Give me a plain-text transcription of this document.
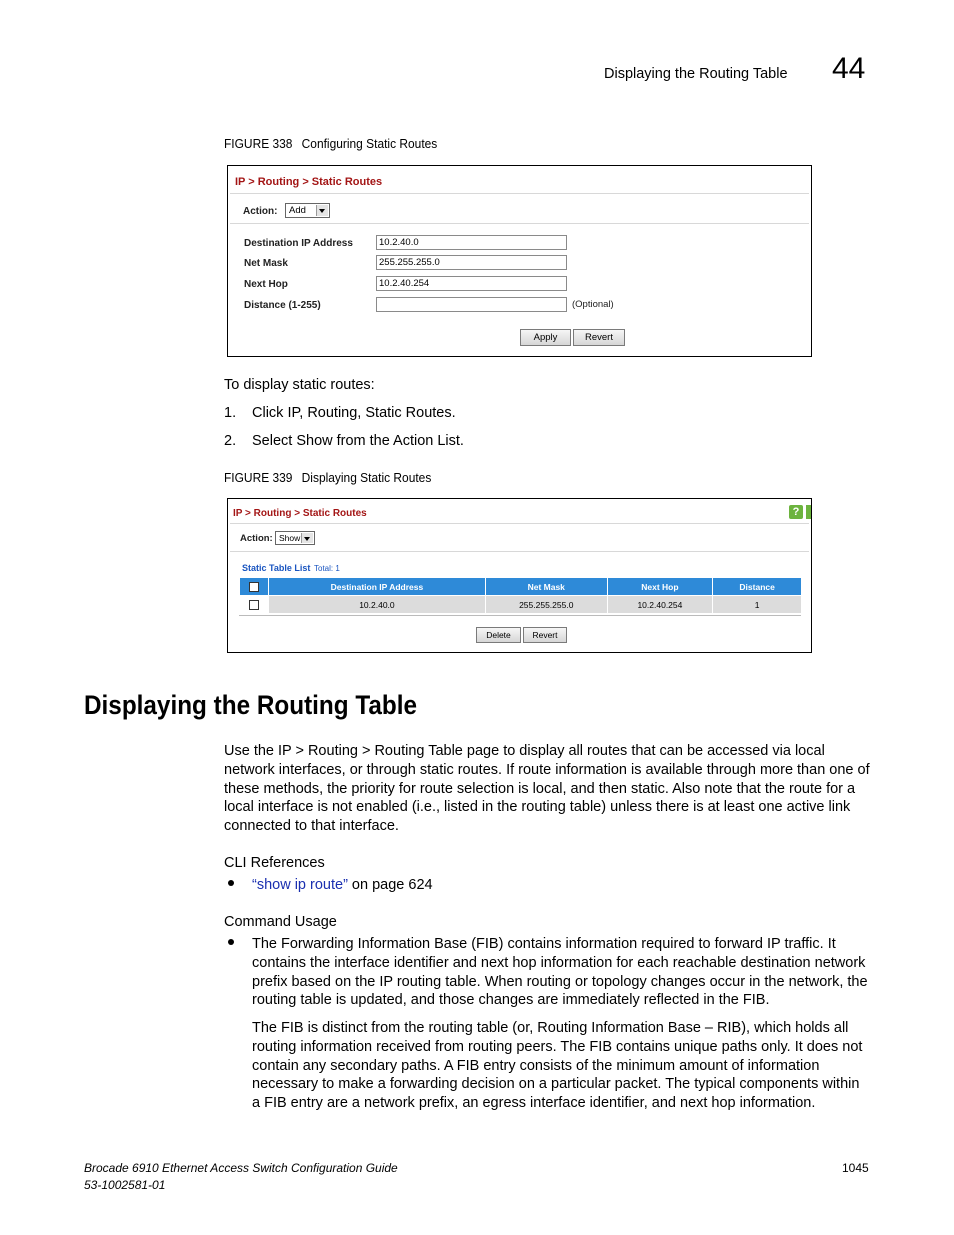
Displaying the Routing Table 44
FIGURE 338 Configuring Static Routes
IP > Routing > Static Routes
Action:	Add
Destination IP Address	10.2.40.0
Net Mask	255.255.255.0
Next Hop	10.2.40.254
Distance (1-255)	(Optional)
Apply	Revert
To display static routes:
1. Click IP, Routing, Static Routes.
2. Select Show from the Action List.
FIGURE 339 Displaying Static Routes
IP > Routing > Static Routes	?
Action: Show
Static Table List Total: 1
	Destination IP Address	Net Mask	Next Hop	Distance
	10.2.40.0	255.255.255.0	10.2.40.254	1
Delete	Revert
Displaying the Routing Table
Use the IP > Routing > Routing Table page to display all routes that can be accessed via local network interfaces, or through static routes. If route information is available through more than one of these methods, the priority for route selection is local, and then static. Also note that the route for a local interface is not enabled (i.e., listed in the routing table) unless there is at least one active link connected to that interface.
CLI References
“show ip route” on page 624
Command Usage
The Forwarding Information Base (FIB) contains information required to forward IP traffic. It contains the interface identifier and next hop information for each reachable destination network prefix based on the IP routing table. When routing or topology changes occur in the network, the routing table is updated, and those changes are immediately reflected in the FIB.
The FIB is distinct from the routing table (or, Routing Information Base – RIB), which holds all routing information received from routing peers. The FIB contains unique paths only. It does not contain any secondary paths. A FIB entry consists of the minimum amount of information necessary to make a forwarding decision on a particular packet. The typical components within a FIB entry are a network prefix, an egress interface identifier, and next hop information.
Brocade 6910 Ethernet Access Switch Configuration Guide
53-1002581-01
1045
